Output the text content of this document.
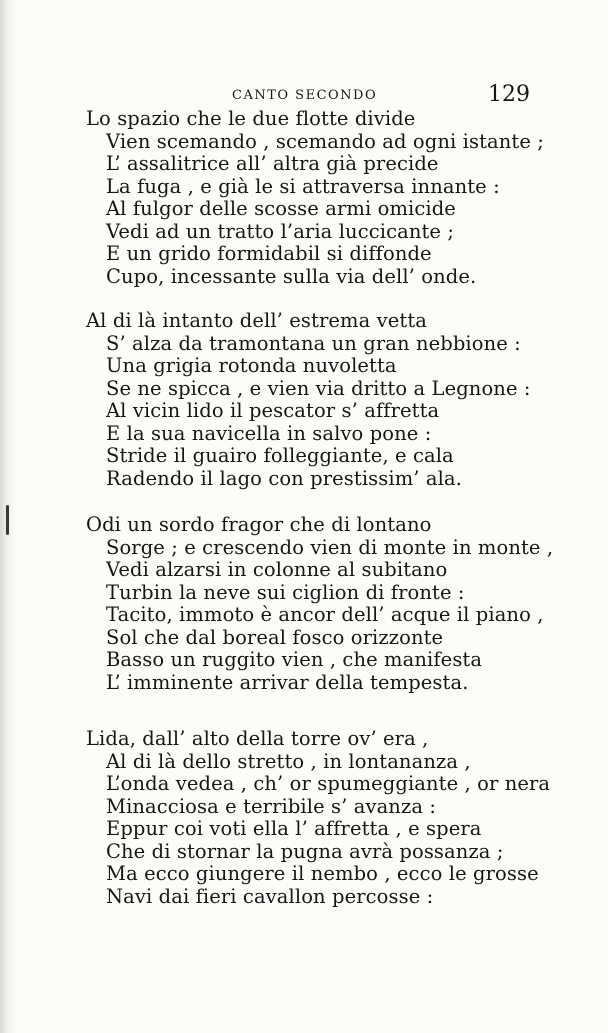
CANTO SECONDO	129
Lo spazio che le due flotte divide
Vien scemando , scemando ad ogni istante ;
L’ assalitrice all’ altra già precide
La fuga , e già le si attraversa innante :
Al fulgor delle scosse armi omicide
Vedi ad un tratto l’aria luccicante ;
E un grido formidabil si diffonde
Cupo, incessante sulla via dell’ onde.
Al di là intanto dell’ estrema vetta
S’ alza da tramontana un gran nebbione :
Una grigia rotonda nuvoletta
Se ne spicca , e vien via dritto a Legnone :
Al vicin lido il pescator s’ affretta
E la sua navicella in salvo pone :
Stride il guairo folleggiante, e cala
Radendo il lago con prestissim’ ala.
Odi un sordo fragor che di lontano
Sorge ; e crescendo vien di monte in monte ,
Vedi alzarsi in colonne al subitano
Turbin la neve sui ciglion di fronte :
Tacito, immoto è ancor dell’ acque il piano ,
Sol che dal boreal fosco orizzonte
Basso un ruggito vien , che manifesta
L’ imminente arrivar della tempesta.
Lida, dall’ alto della torre ov’ era ,
Al di là dello stretto , in lontananza ,
L’onda vedea , ch’ or spumeggiante , or nera
Minacciosa e terribile s’ avanza :
Eppur coi voti ella l’ affretta , e spera
Che di stornar la pugna avrà possanza ;
Ma ecco giungere il nembo , ecco le grosse
Navi dai fieri cavallon percosse :
